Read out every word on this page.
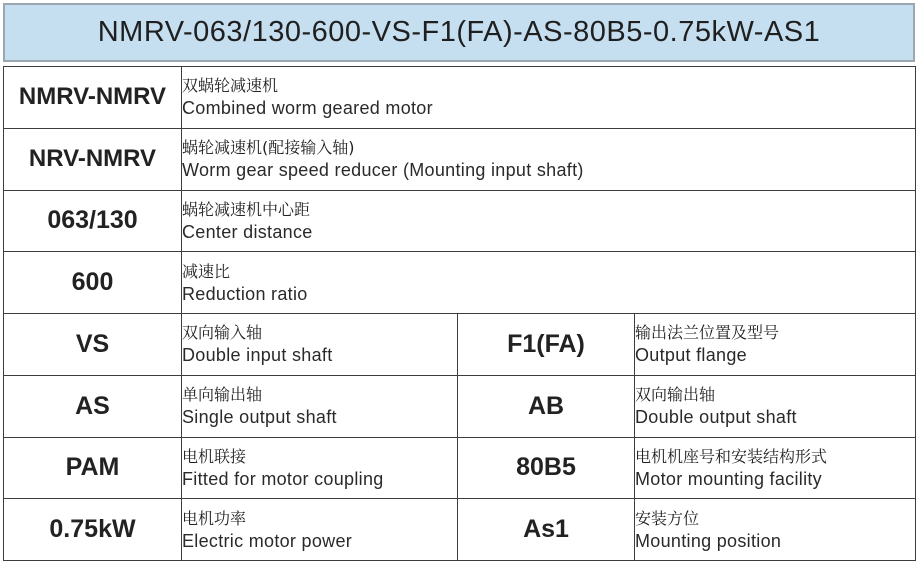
NMRV-063/130-600-VS-F1(FA)-AS-80B5-0.75kW-AS1
NMRV-NMRV	双蜗轮减速机
Combined worm geared motor		

NRV-NMRV	蜗轮减速机(配接输入轴)
Worm gear speed reducer (Mounting input shaft)		

063/130	蜗轮减速机中心距
Center distance		

600	减速比
Reduction ratio		

VS	双向输入轴
Double input shaft	F1(FA)	输出法兰位置及型号
Output flange

AS	单向输出轴
Single output shaft	AB	双向输出轴
Double output shaft

PAM	电机联接
Fitted for motor coupling	80B5	电机机座号和安装结构形式
Motor mounting facility

0.75kW	电机功率
Electric motor power	As1	安装方位
Mounting position
